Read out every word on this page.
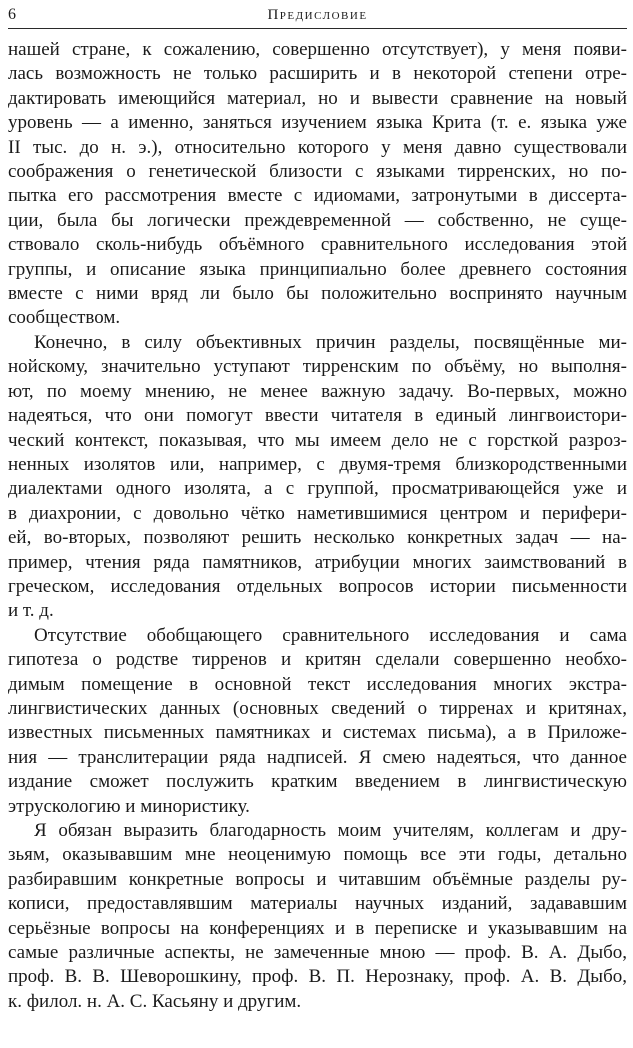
6	Предисловие

нашей стране, к сожалению, совершенно отсутствует), у меня появи-
лась возможность не только расширить и в некоторой степени отре-
дактировать имеющийся материал, но и вывести сравнение на новый
уровень — а именно, заняться изучением языка Крита (т. е. языка уже
II тыс. до н. э.), относительно которого у меня давно существовали
соображения о генетической близости с языками тирренских, но по-
пытка его рассмотрения вместе с идиомами, затронутыми в диссерта-
ции, была бы логически преждевременной — собственно, не суще-
ствовало сколь-нибудь объёмного сравнительного исследования этой
группы, и описание языка принципиально более древнего состояния
вместе с ними вряд ли было бы положительно воспринято научным
сообществом.

Конечно, в силу объективных причин разделы, посвящённые ми-
нойскому, значительно уступают тирренским по объёму, но выполня-
ют, по моему мнению, не менее важную задачу. Во-первых, можно
надеяться, что они помогут ввести читателя в единый лингвоистори-
ческий контекст, показывая, что мы имеем дело не с горсткой разроз-
ненных изолятов или, например, с двумя-тремя близкородственными
диалектами одного изолята, а с группой, просматривающейся уже и
в диахронии, с довольно чётко наметившимися центром и перифери-
ей, во-вторых, позволяют решить несколько конкретных задач — на-
пример, чтения ряда памятников, атрибуции многих заимствований в
греческом, исследования отдельных вопросов истории письменности
и т. д.

Отсутствие обобщающего сравнительного исследования и сама
гипотеза о родстве тирренов и критян сделали совершенно необхо-
димым помещение в основной текст исследования многих экстра-
лингвистических данных (основных сведений о тирренах и критянах,
известных письменных памятниках и системах письма), а в Приложе-
ния — транслитерации ряда надписей. Я смею надеяться, что данное
издание сможет послужить кратким введением в лингвистическую
этрускологию и минористику.

Я обязан выразить благодарность моим учителям, коллегам и дру-
зьям, оказывавшим мне неоценимую помощь все эти годы, детально
разбиравшим конкретные вопросы и читавшим объёмные разделы ру-
кописи, предоставлявшим материалы научных изданий, задававшим
серьёзные вопросы на конференциях и в переписке и указывавшим на
самые различные аспекты, не замеченные мною — проф. В. А. Дыбо,
проф. В. В. Шеворошкину, проф. В. П. Нерознаку, проф. А. В. Дыбо,
к. филол. н. А. С. Касьяну и другим.
